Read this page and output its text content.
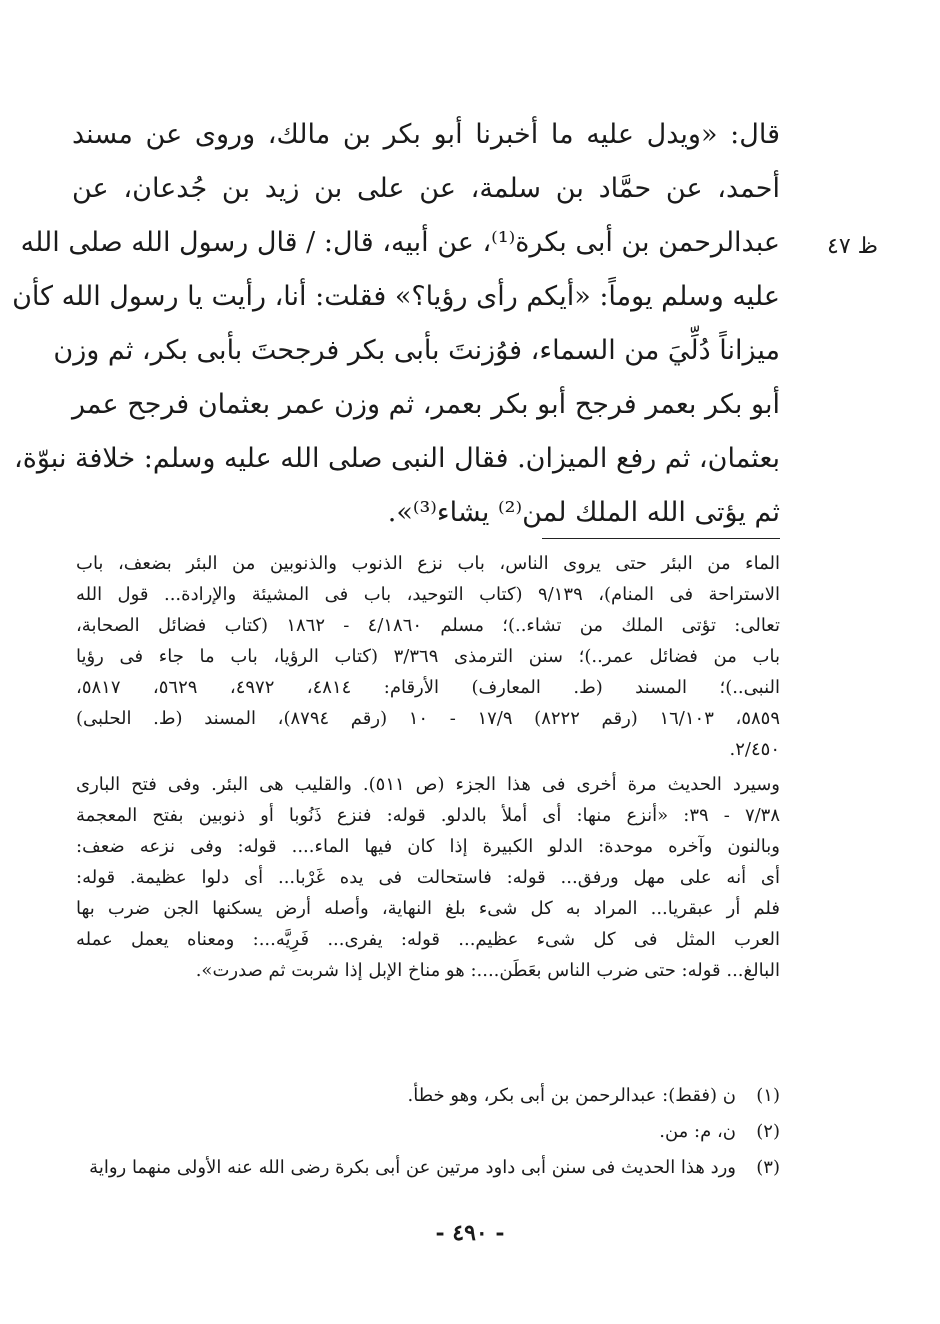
ظ ٤٧
قال: «ويدل عليه ما أخبرنا أبو بكر بن مالك، وروى عن مسند
أحمد، عن حمَّاد بن سلمة، عن على بن زيد بن جُدعان، عن
عبدالرحمن بن أبى بكرة⁽¹⁾، عن أبيه، قال: / قال رسول الله صلى الله
عليه وسلم يوماً: «أيكم رأى رؤيا؟» فقلت: أنا، رأيت يا رسول الله كأن
ميزاناً دُلِّيَ من السماء، فوُزنتَ بأبى بكر فرجحتَ بأبى بكر، ثم وزن
أبو بكر بعمر فرجح أبو بكر بعمر، ثم وزن عمر بعثمان فرجح عمر
بعثمان، ثم رفع الميزان. فقال النبى صلى الله عليه وسلم: خلافة نبوّة،
ثم يؤتى الله الملك لمن⁽²⁾ يشاء⁽³⁾».
الماء من البئر حتى يروى الناس، باب نزع الذنوب والذنوبين من البئر بضعف، باب
الاستراحة فى المنام)، ٩/١٣٩ (كتاب التوحيد، باب فى المشيئة والإرادة... قول الله
تعالى: تؤتى الملك من تشاء..)؛ مسلم ٤/١٨٦٠ - ١٨٦٢ (كتاب فضائل الصحابة،
باب من فضائل عمر..)؛ سنن الترمذى ٣/٣٦٩ (كتاب الرؤيا، باب ما جاء فى رؤيا
النبى..)؛ المسند (ط. المعارف) الأرقام: ٤٨١٤، ٤٩٧٢، ٥٦٢٩، ٥٨١٧،
٥٨٥٩، ١٦/١٠٣ (رقم ٨٢٢٢) ١٧/٩ - ١٠ (رقم ٨٧٩٤)، المسند (ط. الحلبى)
٢/٤٥٠.
وسيرد الحديث مرة أخرى فى هذا الجزء (ص ٥١١). والقليب هى البئر. وفى فتح البارى
٧/٣٨ - ٣٩: «أنزع منها: أى أملأ بالدلو. قوله: فنزع ذَنُوبا أو ذنوبين بفتح المعجمة
وبالنون وآخره موحدة: الدلو الكبيرة إذا كان فيها الماء.... قوله: وفى نزعه ضعف:
أى أنه على مهل ورفق... قوله: فاستحالت فى يده غَرْبا... أى دلوا عظيمة. قوله:
فلم أر عبقريا... المراد به كل شىء بلغ النهاية، وأصله أرض يسكنها الجن ضرب بها
العرب المثل فى كل شىء عظيم... قوله: يفرى... فَرِيَّه...: ومعناه يعمل عمله
البالغ... قوله: حتى ضرب الناس بعَطَن....: هو مناخ الإبل إذا شربت ثم صدرت».
(١)
ن (فقط): عبدالرحمن بن أبى بكر، وهو خطأ.
(٢)
ن، م: من.
(٣)
ورد هذا الحديث فى سنن أبى داود مرتين عن أبى بكرة رضى الله عنه الأولى منهما رواية
- ٤٩٠ -
